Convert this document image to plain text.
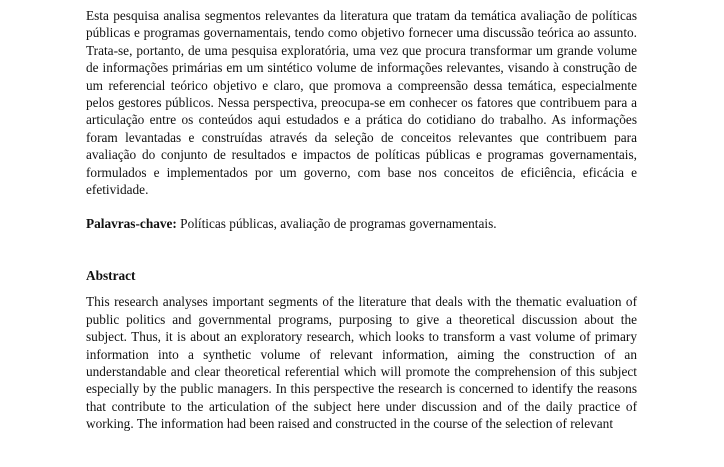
Esta pesquisa analisa segmentos relevantes da literatura que tratam da temática avaliação de políticas públicas e programas governamentais, tendo como objetivo fornecer uma discussão teórica ao assunto. Trata-se, portanto, de uma pesquisa exploratória, uma vez que procura transformar um grande volume de informações primárias em um sintético volume de informações relevantes, visando à construção de um referencial teórico objetivo e claro, que promova a compreensão dessa temática, especialmente pelos gestores públicos. Nessa perspectiva, preocupa-se em conhecer os fatores que contribuem para a articulação entre os conteúdos aqui estudados e a prática do cotidiano do trabalho. As informações foram levantadas e construídas através da seleção de conceitos relevantes que contribuem para avaliação do conjunto de resultados e impactos de políticas públicas e programas governamentais, formulados e implementados por um governo, com base nos conceitos de eficiência, eficácia e efetividade.

Palavras-chave: Políticas públicas, avaliação de programas governamentais.

Abstract

This research analyses important segments of the literature that deals with the thematic evaluation of public politics and governmental programs, purposing to give a theoretical discussion about the subject. Thus, it is about an exploratory research, which looks to transform a vast volume of primary information into a synthetic volume of relevant information, aiming the construction of an understandable and clear theoretical referential which will promote the comprehension of this subject especially by the public managers. In this perspective the research is concerned to identify the reasons that contribute to the articulation of the subject here under discussion and of the daily practice of working. The information had been raised and constructed in the course of the selection of relevant
